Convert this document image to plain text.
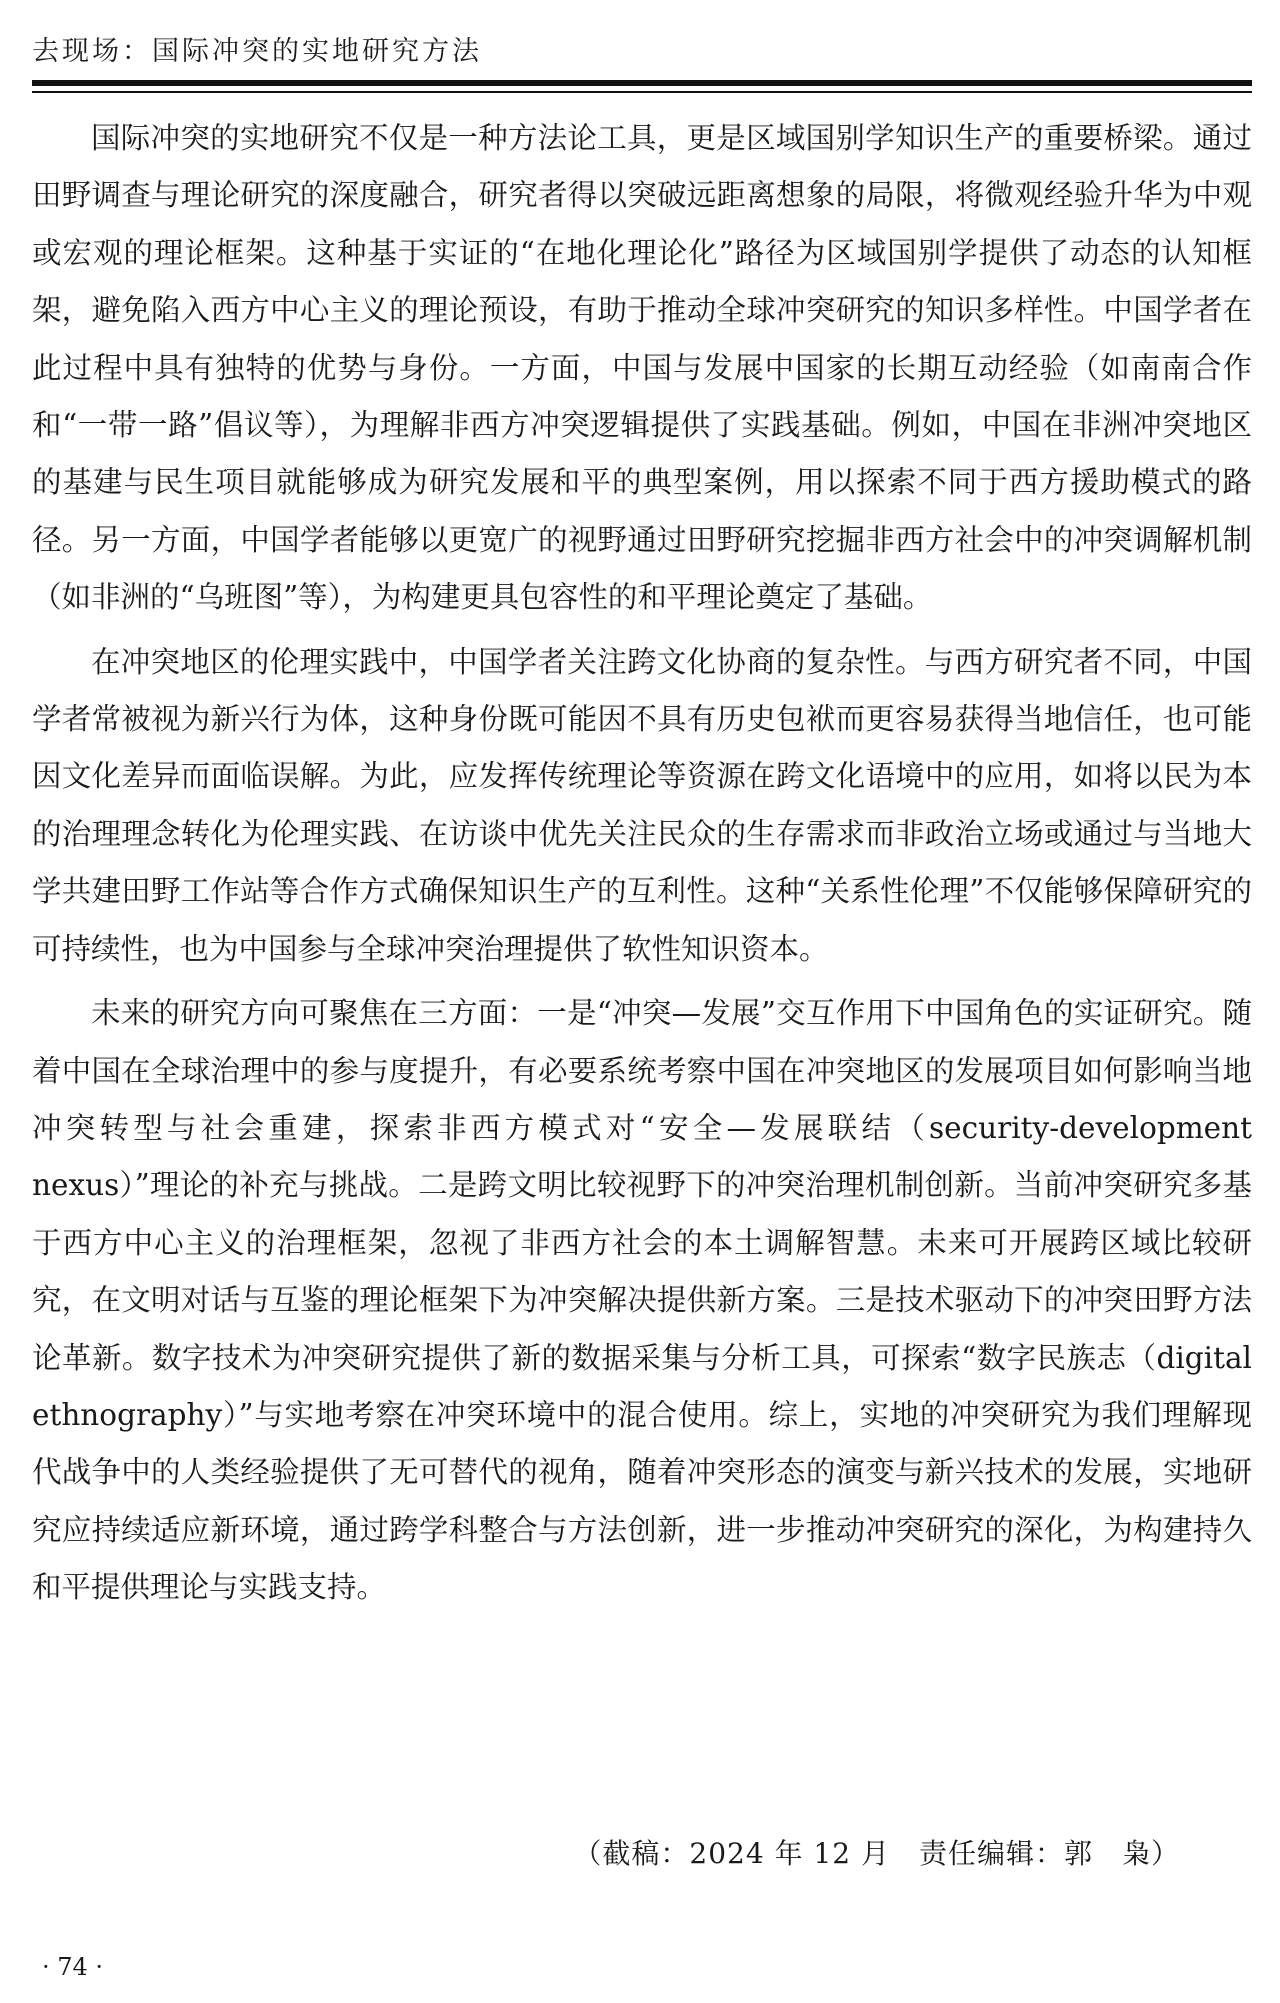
去现场：国际冲突的实地研究方法

国际冲突的实地研究不仅是一种方法论工具，更是区域国别学知识生产的重要桥梁。通过田野调查与理论研究的深度融合，研究者得以突破远距离想象的局限，将微观经验升华为中观或宏观的理论框架。这种基于实证的“在地化理论化”路径为区域国别学提供了动态的认知框架，避免陷入西方中心主义的理论预设，有助于推动全球冲突研究的知识多样性。中国学者在此过程中具有独特的优势与身份。一方面，中国与发展中国家的长期互动经验（如南南合作和“一带一路”倡议等），为理解非西方冲突逻辑提供了实践基础。例如，中国在非洲冲突地区的基建与民生项目就能够成为研究发展和平的典型案例，用以探索不同于西方援助模式的路径。另一方面，中国学者能够以更宽广的视野通过田野研究挖掘非西方社会中的冲突调解机制（如非洲的“乌班图”等），为构建更具包容性的和平理论奠定了基础。

在冲突地区的伦理实践中，中国学者关注跨文化协商的复杂性。与西方研究者不同，中国学者常被视为新兴行为体，这种身份既可能因不具有历史包袱而更容易获得当地信任，也可能因文化差异而面临误解。为此，应发挥传统理论等资源在跨文化语境中的应用，如将以民为本的治理理念转化为伦理实践、在访谈中优先关注民众的生存需求而非政治立场或通过与当地大学共建田野工作站等合作方式确保知识生产的互利性。这种“关系性伦理”不仅能够保障研究的可持续性，也为中国参与全球冲突治理提供了软性知识资本。

未来的研究方向可聚焦在三方面：一是“冲突—发展”交互作用下中国角色的实证研究。随着中国在全球治理中的参与度提升，有必要系统考察中国在冲突地区的发展项目如何影响当地冲突转型与社会重建，探索非西方模式对“安全—发展联结（security-development nexus）”理论的补充与挑战。二是跨文明比较视野下的冲突治理机制创新。当前冲突研究多基于西方中心主义的治理框架，忽视了非西方社会的本土调解智慧。未来可开展跨区域比较研究，在文明对话与互鉴的理论框架下为冲突解决提供新方案。三是技术驱动下的冲突田野方法论革新。数字技术为冲突研究提供了新的数据采集与分析工具，可探索“数字民族志（digital ethnography）”与实地考察在冲突环境中的混合使用。综上，实地的冲突研究为我们理解现代战争中的人类经验提供了无可替代的视角，随着冲突形态的演变与新兴技术的发展，实地研究应持续适应新环境，通过跨学科整合与方法创新，进一步推动冲突研究的深化，为构建持久和平提供理论与实践支持。

（截稿：2024 年 12 月　责任编辑：郭　枭）
· 74 ·
